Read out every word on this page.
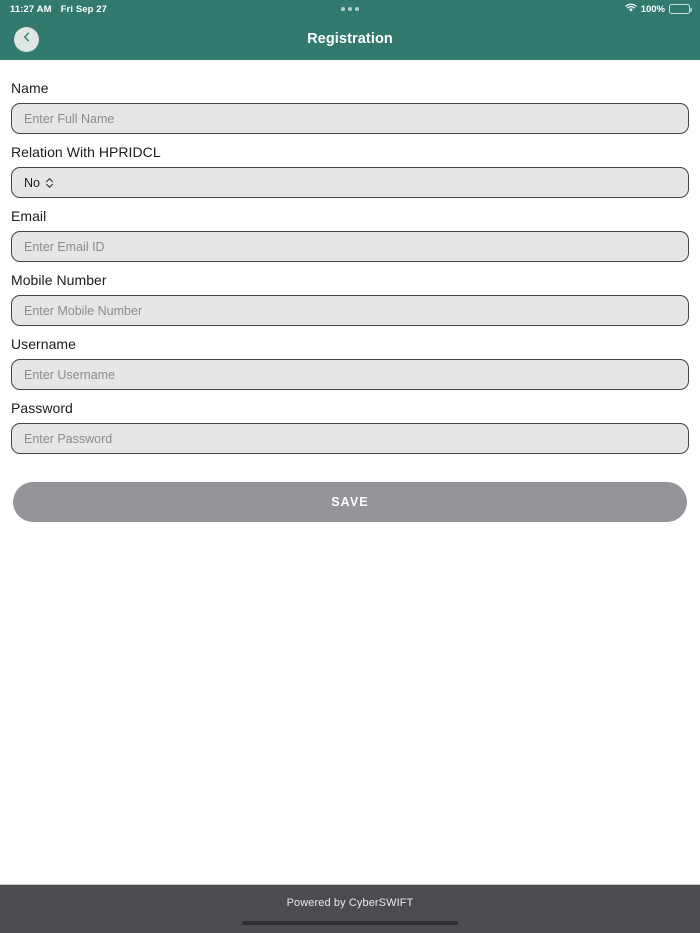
11:27 AM Fri Sep 27	100%
Registration
Name
Enter Full Name
Relation With HPRIDCL
No
Email
Enter Email ID
Mobile Number
Enter Mobile Number
Username
Enter Username
Password
Enter Password
SAVE
Powered by CyberSWIFT
